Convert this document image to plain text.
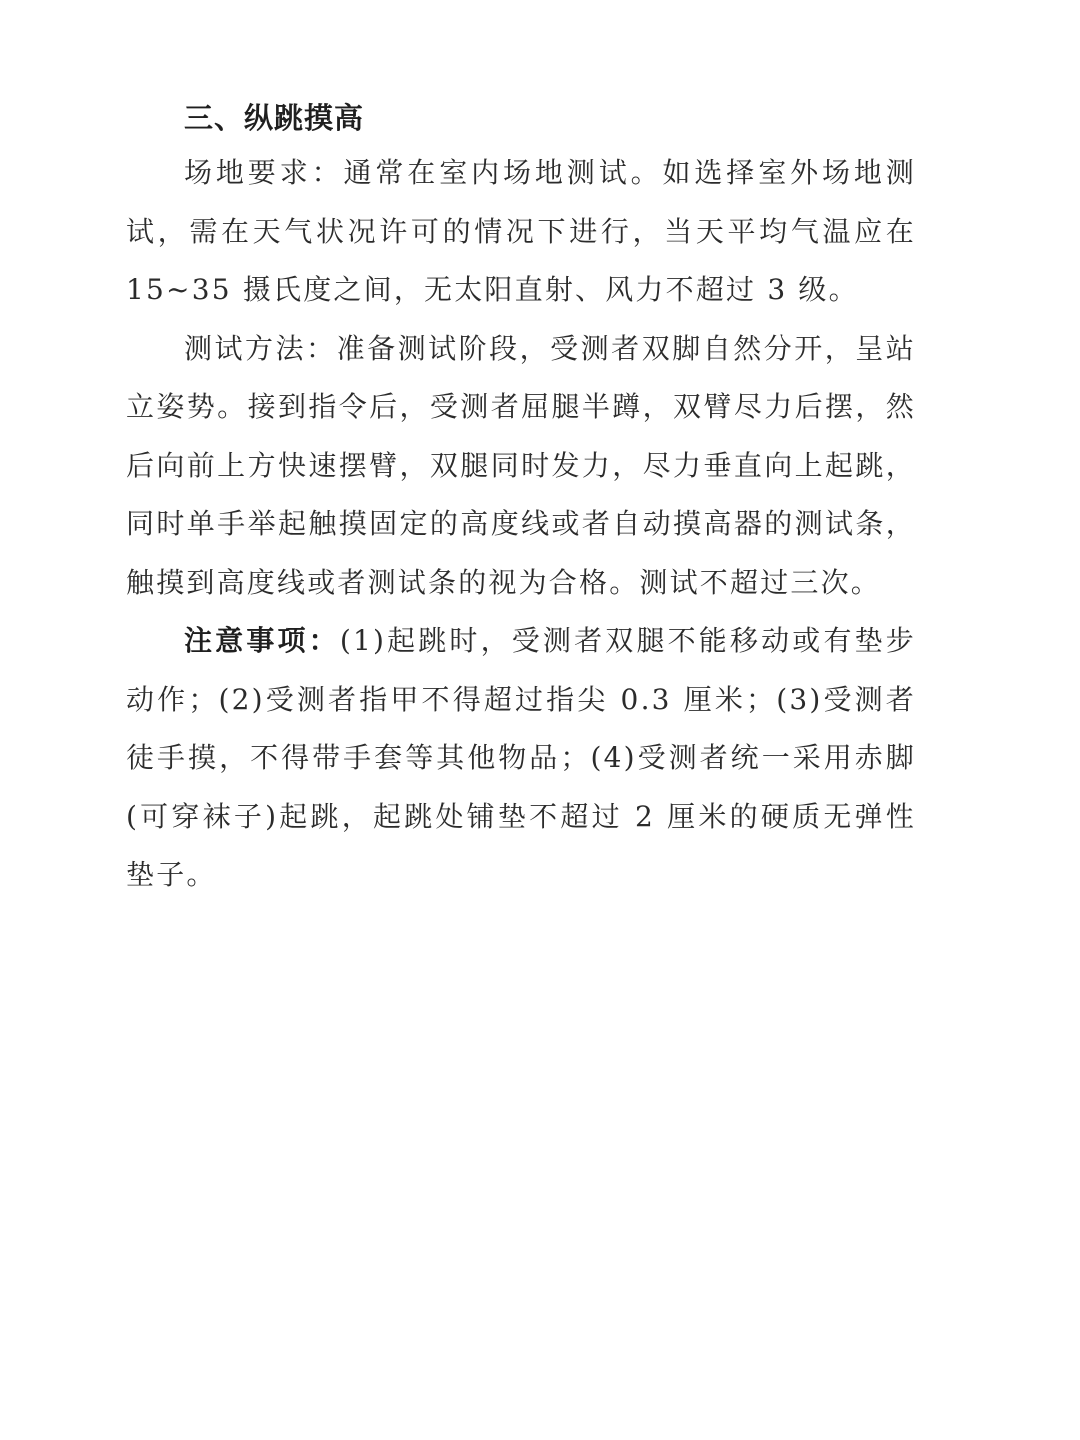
三、纵跳摸高

场地要求：通常在室内场地测试。如选择室外场地测试，需在天气状况许可的情况下进行，当天平均气温应在 15~35 摄氏度之间，无太阳直射、风力不超过 3 级。

测试方法：准备测试阶段，受测者双脚自然分开，呈站立姿势。接到指令后，受测者屈腿半蹲，双臂尽力后摆，然后向前上方快速摆臂，双腿同时发力，尽力垂直向上起跳，同时单手举起触摸固定的高度线或者自动摸高器的测试条，触摸到高度线或者测试条的视为合格。测试不超过三次。

注意事项：(1)起跳时，受测者双腿不能移动或有垫步动作；(2)受测者指甲不得超过指尖 0.3 厘米；(3)受测者徒手摸，不得带手套等其他物品；(4)受测者统一采用赤脚(可穿袜子)起跳，起跳处铺垫不超过 2 厘米的硬质无弹性垫子。
